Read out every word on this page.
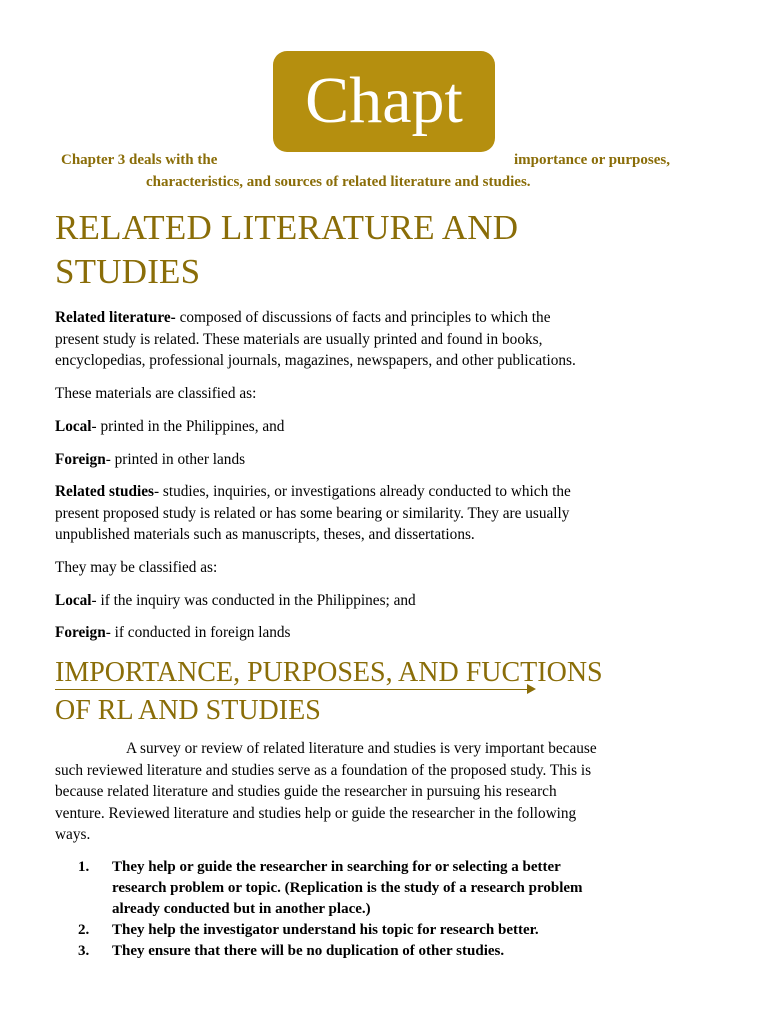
Chapt
Chapter 3 deals with the	importance or purposes,
characteristics, and sources of related literature and studies.
RELATED LITERATURE AND
STUDIES
Related literature- composed of discussions of facts and principles to which the
present study is related. These materials are usually printed and found in books,
encyclopedias, professional journals, magazines, newspapers, and other publications.
These materials are classified as:
Local- printed in the Philippines, and
Foreign- printed in other lands
Related studies- studies, inquiries, or investigations already conducted to which the
present proposed study is related or has some bearing or similarity. They are usually
unpublished materials such as manuscripts, theses, and dissertations.
They may be classified as:
Local- if the inquiry was conducted in the Philippines; and
Foreign- if conducted in foreign lands
IMPORTANCE, PURPOSES, AND FUCTIONS
OF RL AND STUDIES
A survey or review of related literature and studies is very important because
such reviewed literature and studies serve as a foundation of the proposed study. This is
because related literature and studies guide the researcher in pursuing his research
venture. Reviewed literature and studies help or guide the researcher in the following
ways.
1. They help or guide the researcher in searching for or selecting a better
research problem or topic. (Replication is the study of a research problem
already conducted but in another place.)
2. They help the investigator understand his topic for research better.
3. They ensure that there will be no duplication of other studies.
